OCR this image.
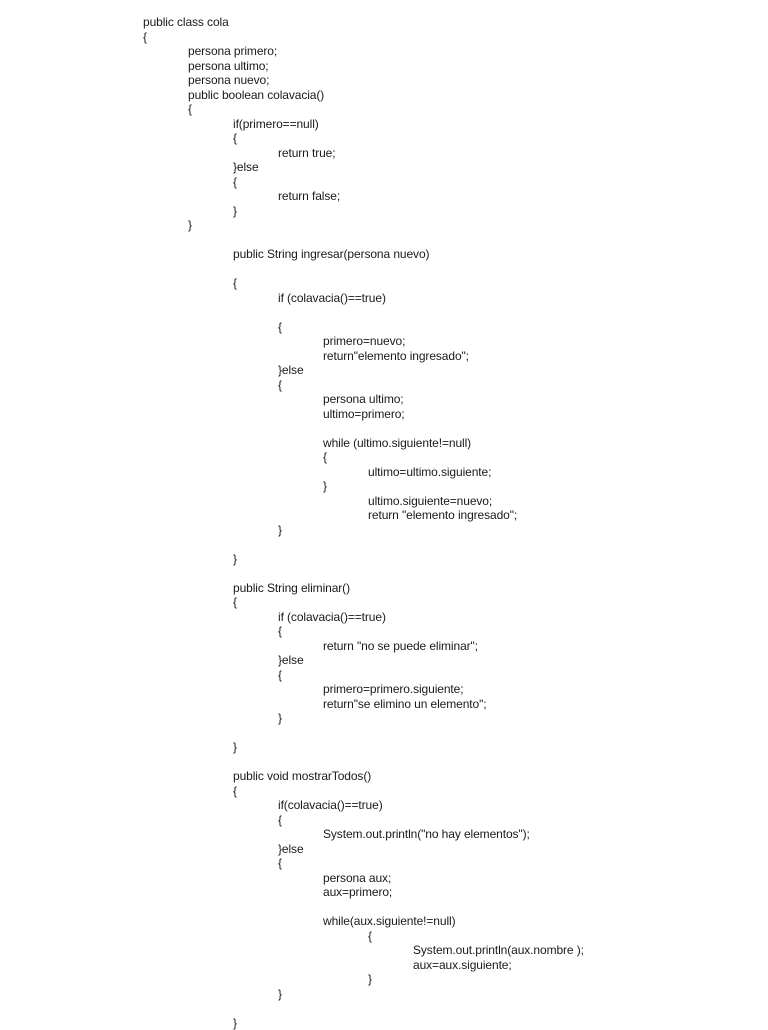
public class cola
{
persona primero;
persona ultimo;
persona nuevo;
public boolean colavacia()
{
if(primero==null)
{
return true;
}else
{
return false;
}
}
public String ingresar(persona nuevo)
{
if (colavacia()==true)
{
primero=nuevo;
return"elemento ingresado";
}else
{
persona ultimo;
ultimo=primero;
while (ultimo.siguiente!=null)
{
ultimo=ultimo.siguiente;
}
ultimo.siguiente=nuevo;
return "elemento ingresado";
}
}
public String eliminar()
{
if (colavacia()==true)
{
return "no se puede eliminar";
}else
{
primero=primero.siguiente;
return"se elimino un elemento";
}
}
public void mostrarTodos()
{
if(colavacia()==true)
{
System.out.println("no hay elementos");
}else
{
persona aux;
aux=primero;
while(aux.siguiente!=null)
{
System.out.println(aux.nombre );
aux=aux.siguiente;
}
}
}
